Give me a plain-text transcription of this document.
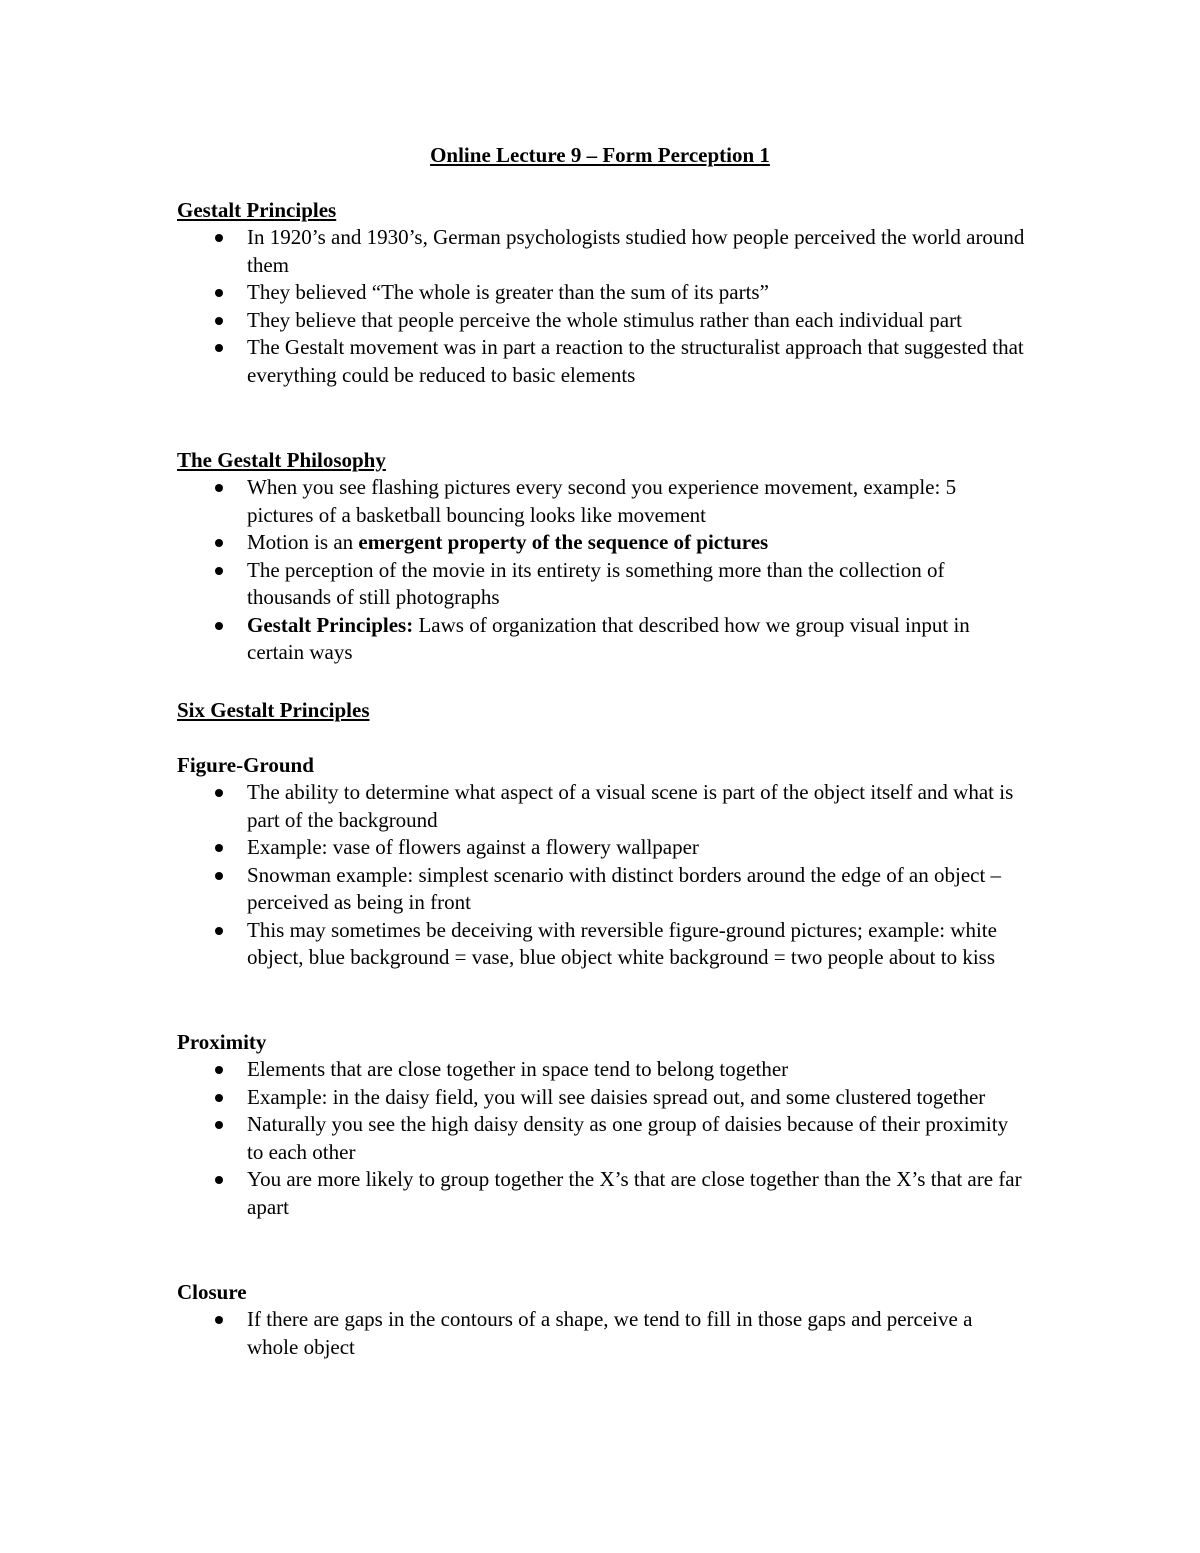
Online Lecture 9 – Form Perception 1
Gestalt Principles
In 1920’s and 1930’s, German psychologists studied how people perceived the world around them
They believed “The whole is greater than the sum of its parts”
They believe that people perceive the whole stimulus rather than each individual part
The Gestalt movement was in part a reaction to the structuralist approach that suggested that everything could be reduced to basic elements
The Gestalt Philosophy
When you see flashing pictures every second you experience movement, example: 5 pictures of a basketball bouncing looks like movement
Motion is an emergent property of the sequence of pictures
The perception of the movie in its entirety is something more than the collection of thousands of still photographs
Gestalt Principles: Laws of organization that described how we group visual input in certain ways
Six Gestalt Principles
Figure-Ground
The ability to determine what aspect of a visual scene is part of the object itself and what is part of the background
Example: vase of flowers against a flowery wallpaper
Snowman example: simplest scenario with distinct borders around the edge of an object – perceived as being in front
This may sometimes be deceiving with reversible figure-ground pictures; example: white object, blue background = vase, blue object white background = two people about to kiss
Proximity
Elements that are close together in space tend to belong together
Example: in the daisy field, you will see daisies spread out, and some clustered together
Naturally you see the high daisy density as one group of daisies because of their proximity to each other
You are more likely to group together the X’s that are close together than the X’s that are far apart
Closure
If there are gaps in the contours of a shape, we tend to fill in those gaps and perceive a whole object
